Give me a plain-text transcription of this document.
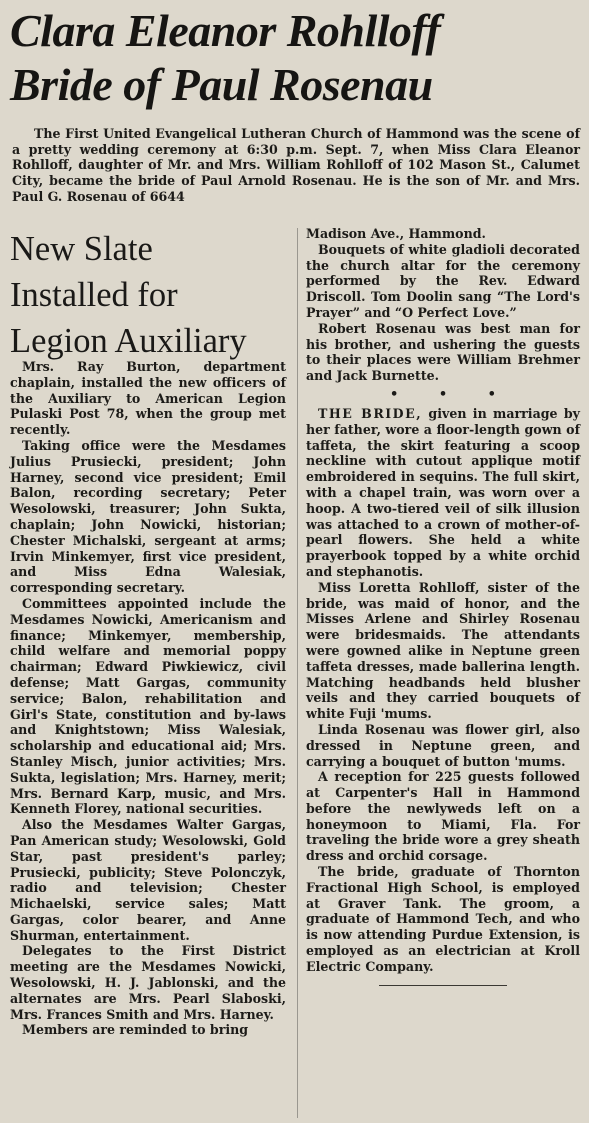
Clara Eleanor Rohlloff
Bride of Paul Rosenau

The First United Evangelical Lutheran Church of Hammond was the scene of a pretty wedding ceremony at 6:30 p.m. Sept. 7, when Miss Clara Eleanor Rohlloff, daughter of Mr. and Mrs. William Rohlloff of 102 Mason St., Calumet City, became the bride of Paul Arnold Rosenau. He is the son of Mr. and Mrs. Paul G. Rosenau of 6644

New Slate
Installed for
Legion Auxiliary

Mrs. Ray Burton, department chaplain, installed the new officers of the Auxiliary to American Legion Pulaski Post 78, when the group met recently.

Taking office were the Mesdames Julius Prusiecki, president; John Harney, second vice president; Emil Balon, recording secretary; Peter Wesolowski, treasurer; John Sukta, chaplain; John Nowicki, historian; Chester Michalski, sergeant at arms; Irvin Minkemyer, first vice president, and Miss Edna Walesiak, corresponding secretary.

Committees appointed include the Mesdames Nowicki, Americanism and finance; Minkemyer, membership, child welfare and memorial poppy chairman; Edward Piwkiewicz, civil defense; Matt Gargas, community service; Balon, rehabilitation and Girl's State, constitution and by-laws and Knightstown; Miss Walesiak, scholarship and educational aid; Mrs. Stanley Misch, junior activities; Mrs. Sukta, legislation; Mrs. Harney, merit; Mrs. Bernard Karp, music, and Mrs. Kenneth Florey, national securities.

Also the Mesdames Walter Gargas, Pan American study; Wesolowski, Gold Star, past president's parley; Prusiecki, publicity; Steve Polonczyk, radio and television; Chester Michaelski, service sales; Matt Gargas, color bearer, and Anne Shurman, entertainment.

Delegates to the First District meeting are the Mesdames Nowicki, Wesolowski, H. J. Jablonski, and the alternates are Mrs. Pearl Slaboski, Mrs. Frances Smith and Mrs. Harney.

Members are reminded to bring

Madison Ave., Hammond.

Bouquets of white gladioli decorated the church altar for the ceremony performed by the Rev. Edward Driscoll. Tom Doolin sang “The Lord's Prayer” and “O Perfect Love.”

Robert Rosenau was best man for his brother, and ushering the guests to their places were William Brehmer and Jack Burnette.

• • •

THE BRIDE, given in marriage by her father, wore a floor-length gown of taffeta, the skirt featuring a scoop neckline with cutout applique motif embroidered in sequins. The full skirt, with a chapel train, was worn over a hoop. A two-tiered veil of silk illusion was attached to a crown of mother-of-pearl flowers. She held a white prayerbook topped by a white orchid and stephanotis.

Miss Loretta Rohlloff, sister of the bride, was maid of honor, and the Misses Arlene and Shirley Rosenau were bridesmaids. The attendants were gowned alike in Neptune green taffeta dresses, made ballerina length. Matching headbands held blusher veils and they carried bouquets of white Fuji 'mums.

Linda Rosenau was flower girl, also dressed in Neptune green, and carrying a bouquet of button 'mums.

A reception for 225 guests followed at Carpenter's Hall in Hammond before the newlyweds left on a honeymoon to Miami, Fla. For traveling the bride wore a grey sheath dress and orchid corsage.

The bride, graduate of Thornton Fractional High School, is employed at Graver Tank. The groom, a graduate of Hammond Tech, and who is now attending Purdue Extension, is employed as an electrician at Kroll Electric Company.
